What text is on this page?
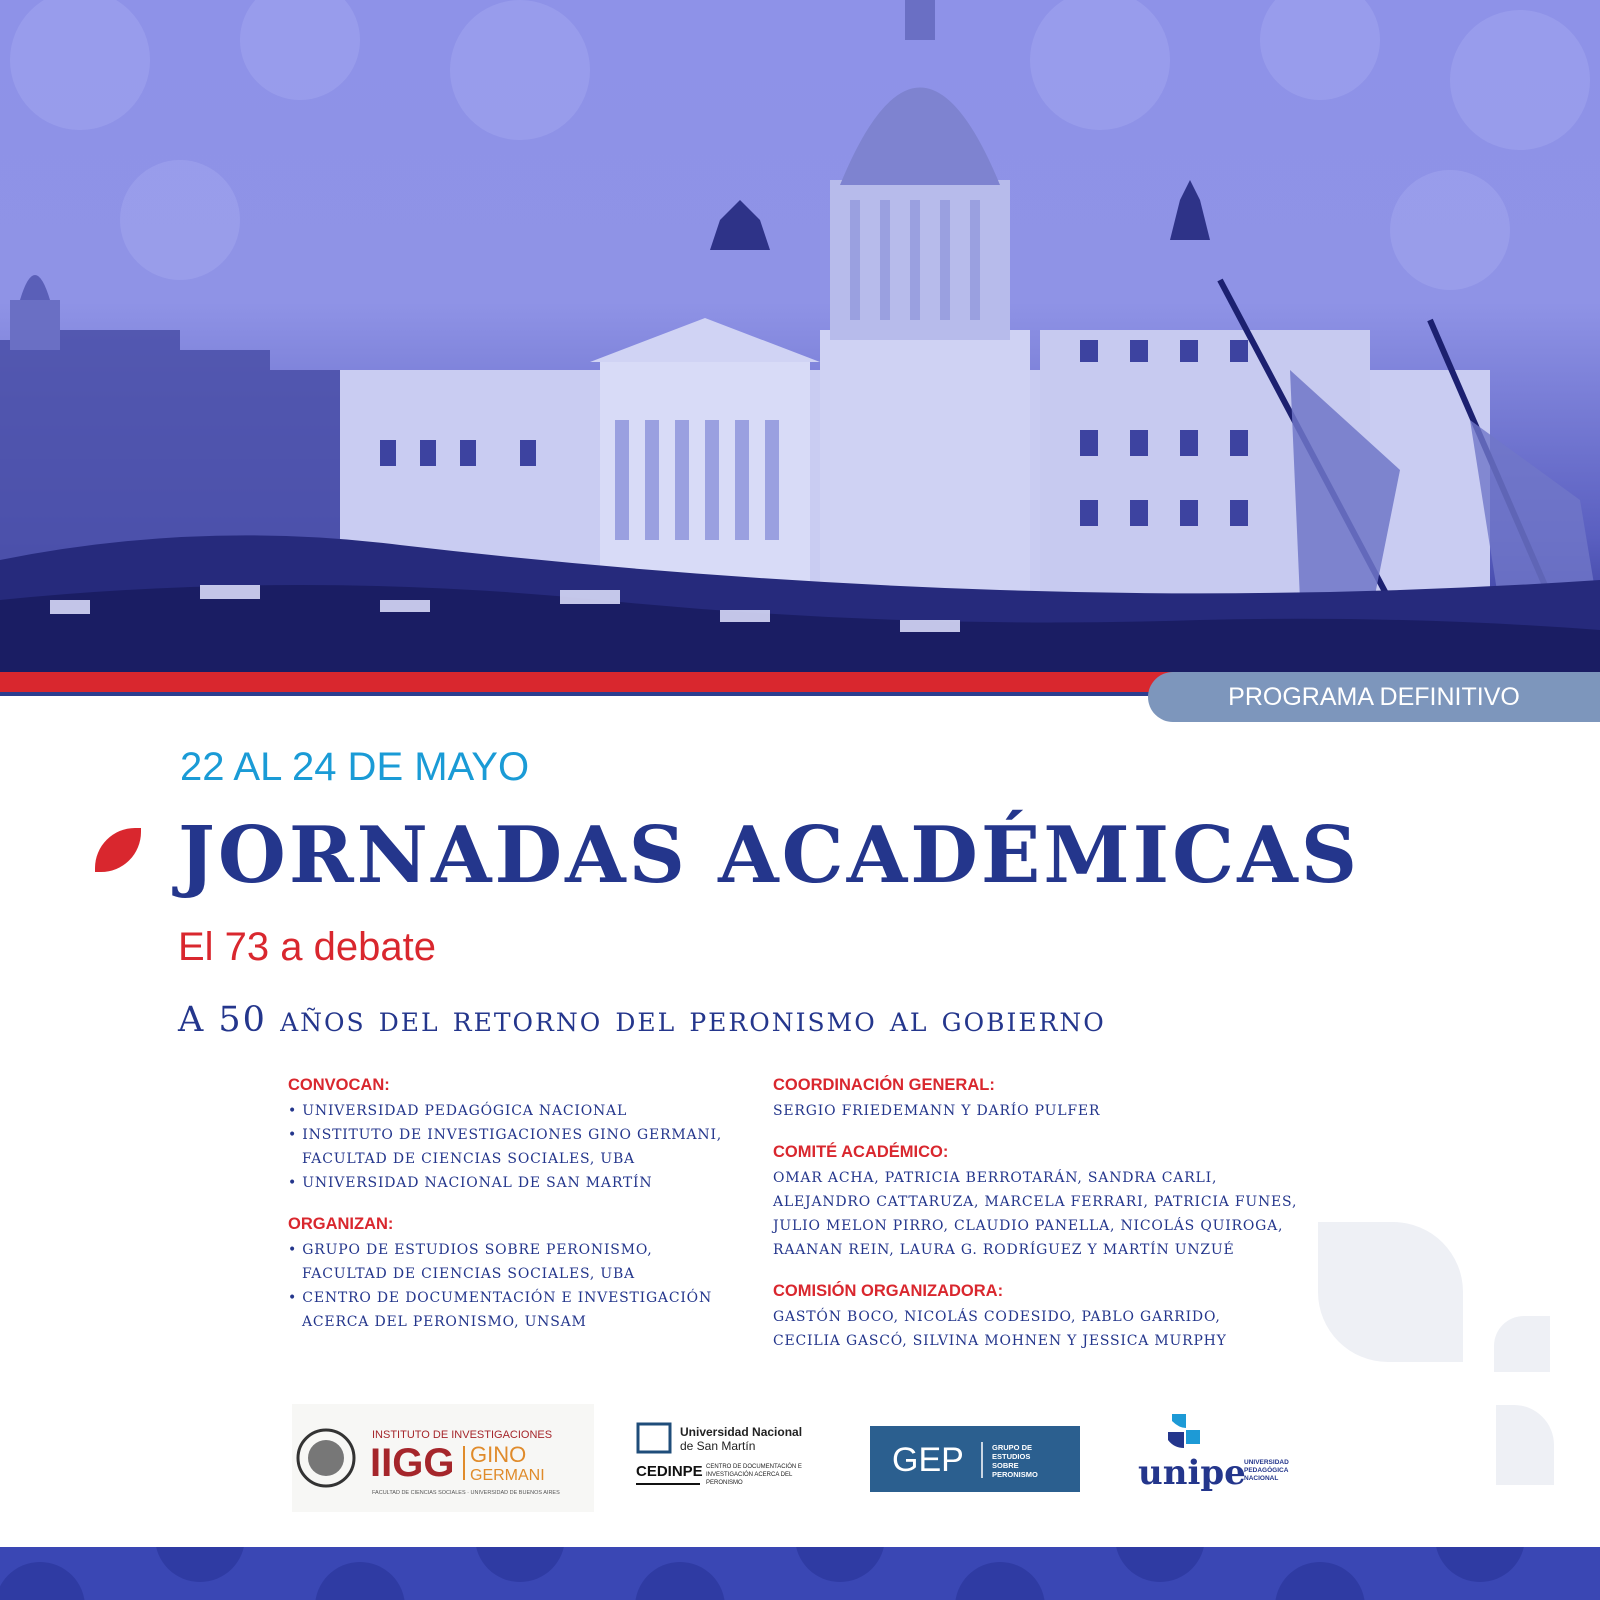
PROGRAMA DEFINITIVO
22 AL 24 DE MAYO
JORNADAS ACADÉMICAS
El 73 a debate
A 50 años del retorno del peronismo al gobierno
CONVOCAN:
• UNIVERSIDAD PEDAGÓGICA NACIONAL
• INSTITUTO DE INVESTIGACIONES GINO GERMANI,
FACULTAD DE CIENCIAS SOCIALES, UBA
• UNIVERSIDAD NACIONAL DE SAN MARTÍN
ORGANIZAN:
• GRUPO DE ESTUDIOS SOBRE PERONISMO,
FACULTAD DE CIENCIAS SOCIALES, UBA
• CENTRO DE DOCUMENTACIÓN E INVESTIGACIÓN
ACERCA DEL PERONISMO, UNSAM
COORDINACIÓN GENERAL:
SERGIO FRIEDEMANN Y DARÍO PULFER
COMITÉ ACADÉMICO:
OMAR ACHA, PATRICIA BERROTARÁN, SANDRA CARLI,
ALEJANDRO CATTARUZA, MARCELA FERRARI, PATRICIA FUNES,
JULIO MELON PIRRO, CLAUDIO PANELLA, NICOLÁS QUIROGA,
RAANAN REIN, LAURA G. RODRÍGUEZ Y MARTÍN UNZUÉ
COMISIÓN ORGANIZADORA:
GASTÓN BOCO, NICOLÁS CODESIDO, PABLO GARRIDO,
CECILIA GASCÓ, SILVINA MOHNEN Y JESSICA MURPHY
INSTITUTO DE INVESTIGACIONES
IIGG GINO
GERMANI
FACULTAD DE CIENCIAS SOCIALES · UNIVERSIDAD DE BUENOS AIRES
Universidad Nacional
de San Martín
CEDINPE CENTRO DE DOCUMENTACIÓN E
INVESTIGACIÓN ACERCA DEL
PERONISMO
GEP	GRUPO DE
ESTUDIOS
SOBRE
PERONISMO	unipe
UNIVERSIDAD
PEDAGÓGICA
NACIONAL
